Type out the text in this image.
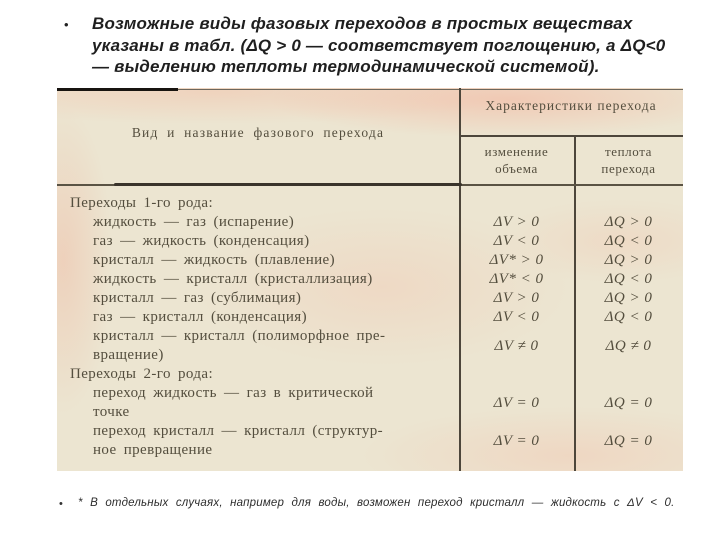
• Возможные виды фазовых переходов в простых веществах
указаны в табл. (ΔQ > 0 — соответствует поглощению, а ΔQ<0
— выделению теплоты термодинамической системой).
Вид и название фазового перехода
Характеристики перехода
изменение
объема
теплота
перехода
Переходы 1-го рода:
жидкость — газ (испарение)	ΔV > 0	ΔQ > 0
газ — жидкость (конденсация)	ΔV < 0	ΔQ < 0
кристалл — жидкость (плавление)	ΔV* > 0	ΔQ > 0
жидкость — кристалл (кристаллизация)	ΔV* < 0	ΔQ < 0
кристалл — газ (сублимация)	ΔV > 0	ΔQ > 0
газ — кристалл (конденсация)	ΔV < 0	ΔQ < 0
кристалл — кристалл (полиморфное пре-
вращение)
ΔV ≠ 0	ΔQ ≠ 0
Переходы 2-го рода:
переход жидкость — газ в критической
точке
ΔV = 0	ΔQ = 0
переход кристалл — кристалл (структур-
ное превращение
ΔV = 0	ΔQ = 0
• * В отдельных случаях, например для воды, возможен переход кристалл — жидкость с ΔV < 0.
